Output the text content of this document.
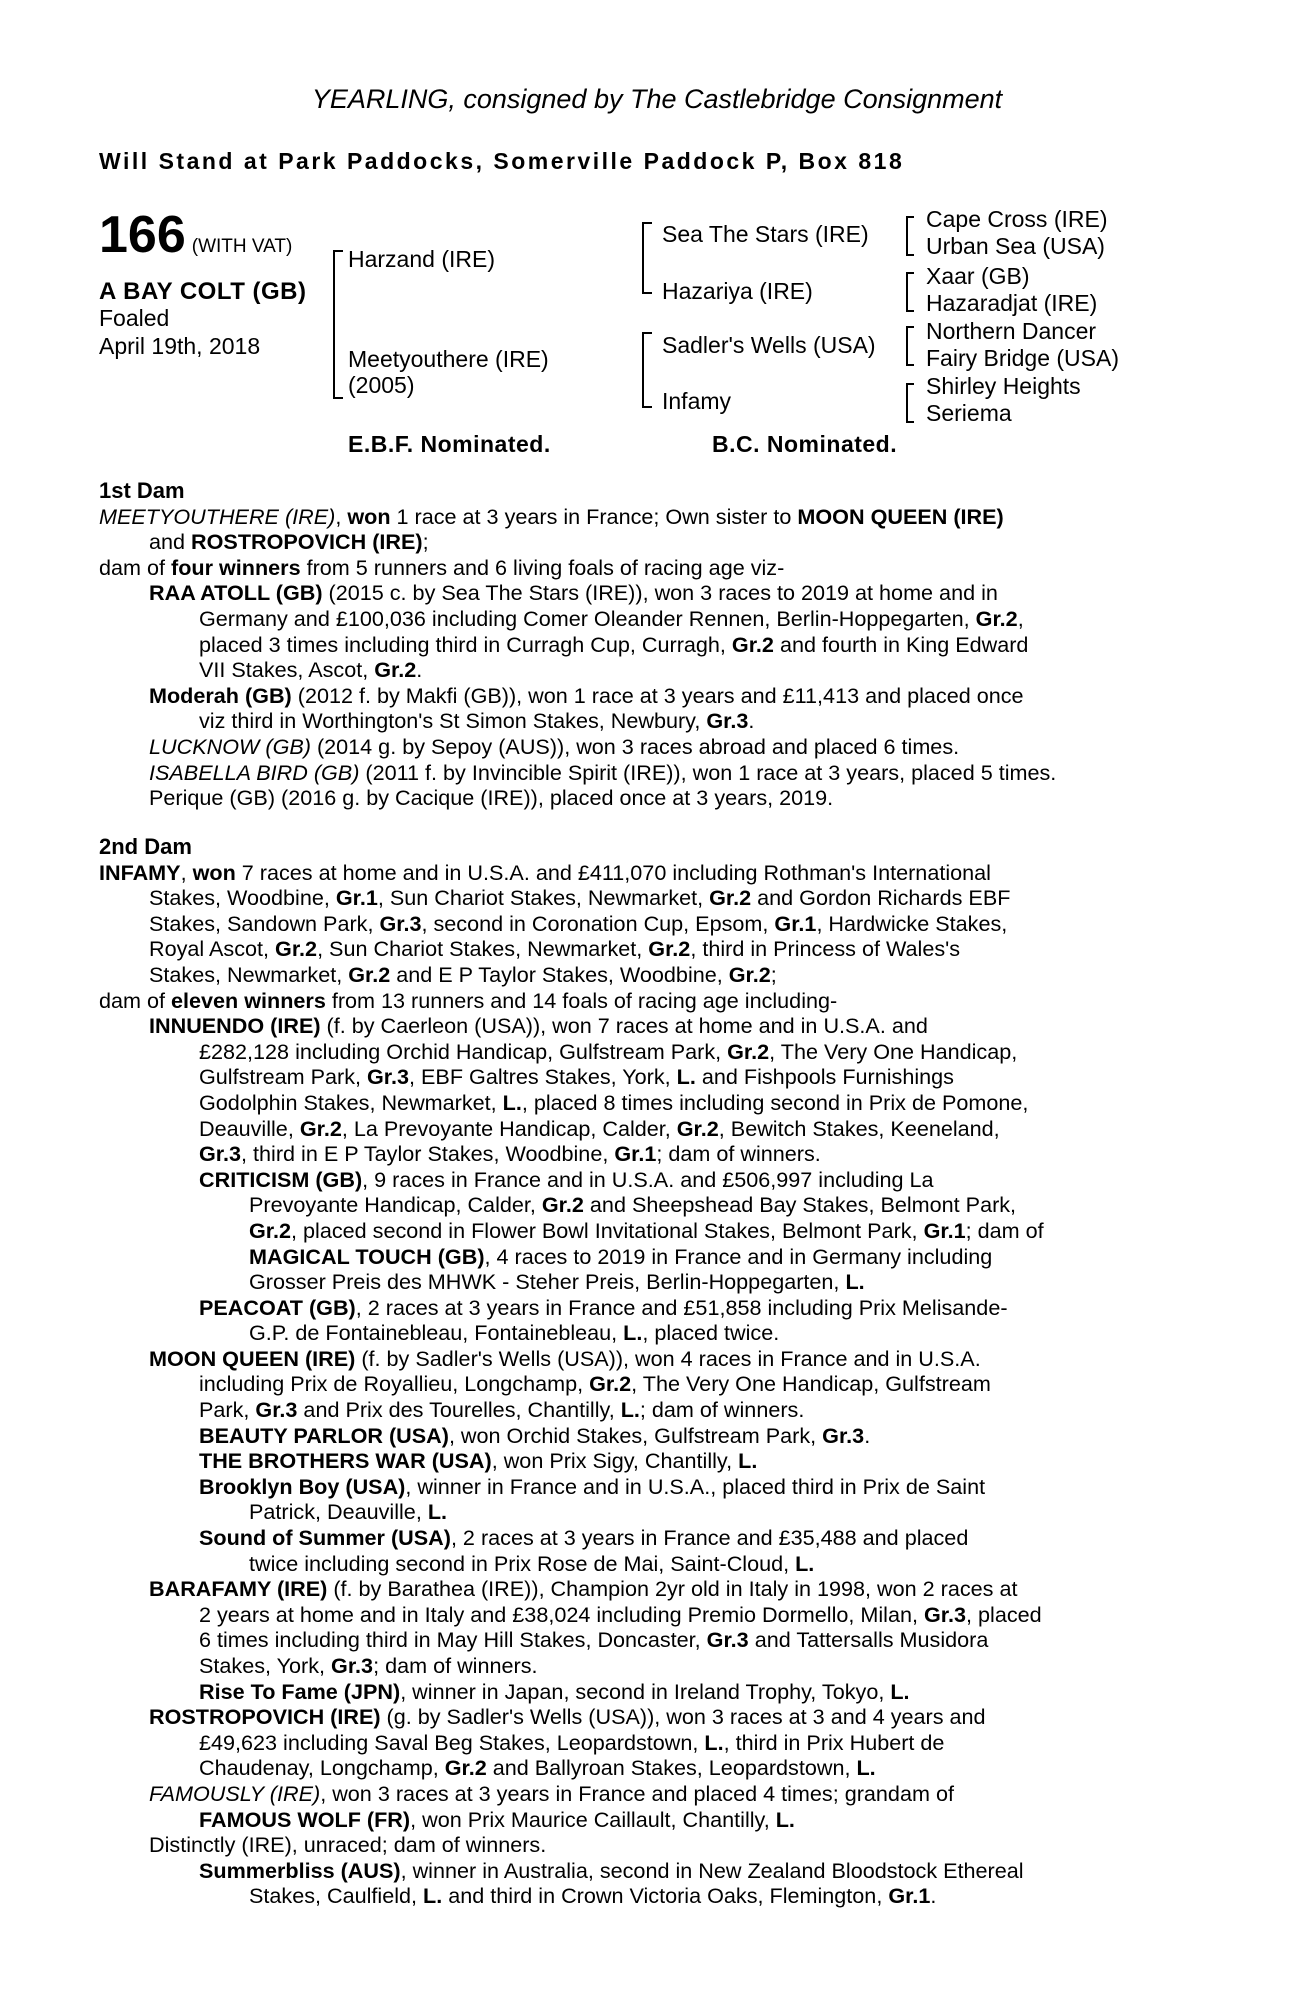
YEARLING, consigned by The Castlebridge Consignment
Will Stand at Park Paddocks, Somerville Paddock P, Box 818
166 (WITH VAT)
A BAY COLT (GB)
Foaled
April 19th, 2018
Harzand (IRE)
Meetyouthere (IRE)
(2005)
Sea The Stars (IRE)
Hazariya (IRE)
Sadler's Wells (USA)
Infamy
Cape Cross (IRE)
Urban Sea (USA)
Xaar (GB)
Hazaradjat (IRE)
Northern Dancer
Fairy Bridge (USA)
Shirley Heights
Seriema
E.B.F. Nominated.	B.C. Nominated.
1st Dam
MEETYOUTHERE (IRE), won 1 race at 3 years in France; Own sister to MOON QUEEN (IRE)
and ROSTROPOVICH (IRE);
dam of four winners from 5 runners and 6 living foals of racing age viz-
RAA ATOLL (GB) (2015 c. by Sea The Stars (IRE)), won 3 races to 2019 at home and in
Germany and £100,036 including Comer Oleander Rennen, Berlin-Hoppegarten, Gr.2,
placed 3 times including third in Curragh Cup, Curragh, Gr.2 and fourth in King Edward
VII Stakes, Ascot, Gr.2.
Moderah (GB) (2012 f. by Makfi (GB)), won 1 race at 3 years and £11,413 and placed once
viz third in Worthington's St Simon Stakes, Newbury, Gr.3.
LUCKNOW (GB) (2014 g. by Sepoy (AUS)), won 3 races abroad and placed 6 times.
ISABELLA BIRD (GB) (2011 f. by Invincible Spirit (IRE)), won 1 race at 3 years, placed 5 times.
Perique (GB) (2016 g. by Cacique (IRE)), placed once at 3 years, 2019.
2nd Dam
INFAMY, won 7 races at home and in U.S.A. and £411,070 including Rothman's International
Stakes, Woodbine, Gr.1, Sun Chariot Stakes, Newmarket, Gr.2 and Gordon Richards EBF
Stakes, Sandown Park, Gr.3, second in Coronation Cup, Epsom, Gr.1, Hardwicke Stakes,
Royal Ascot, Gr.2, Sun Chariot Stakes, Newmarket, Gr.2, third in Princess of Wales's
Stakes, Newmarket, Gr.2 and E P Taylor Stakes, Woodbine, Gr.2;
dam of eleven winners from 13 runners and 14 foals of racing age including-
INNUENDO (IRE) (f. by Caerleon (USA)), won 7 races at home and in U.S.A. and
£282,128 including Orchid Handicap, Gulfstream Park, Gr.2, The Very One Handicap,
Gulfstream Park, Gr.3, EBF Galtres Stakes, York, L. and Fishpools Furnishings
Godolphin Stakes, Newmarket, L., placed 8 times including second in Prix de Pomone,
Deauville, Gr.2, La Prevoyante Handicap, Calder, Gr.2, Bewitch Stakes, Keeneland,
Gr.3, third in E P Taylor Stakes, Woodbine, Gr.1; dam of winners.
CRITICISM (GB), 9 races in France and in U.S.A. and £506,997 including La
Prevoyante Handicap, Calder, Gr.2 and Sheepshead Bay Stakes, Belmont Park,
Gr.2, placed second in Flower Bowl Invitational Stakes, Belmont Park, Gr.1; dam of
MAGICAL TOUCH (GB), 4 races to 2019 in France and in Germany including
Grosser Preis des MHWK - Steher Preis, Berlin-Hoppegarten, L.
PEACOAT (GB), 2 races at 3 years in France and £51,858 including Prix Melisande-
G.P. de Fontainebleau, Fontainebleau, L., placed twice.
MOON QUEEN (IRE) (f. by Sadler's Wells (USA)), won 4 races in France and in U.S.A.
including Prix de Royallieu, Longchamp, Gr.2, The Very One Handicap, Gulfstream
Park, Gr.3 and Prix des Tourelles, Chantilly, L.; dam of winners.
BEAUTY PARLOR (USA), won Orchid Stakes, Gulfstream Park, Gr.3.
THE BROTHERS WAR (USA), won Prix Sigy, Chantilly, L.
Brooklyn Boy (USA), winner in France and in U.S.A., placed third in Prix de Saint
Patrick, Deauville, L.
Sound of Summer (USA), 2 races at 3 years in France and £35,488 and placed
twice including second in Prix Rose de Mai, Saint-Cloud, L.
BARAFAMY (IRE) (f. by Barathea (IRE)), Champion 2yr old in Italy in 1998, won 2 races at
2 years at home and in Italy and £38,024 including Premio Dormello, Milan, Gr.3, placed
6 times including third in May Hill Stakes, Doncaster, Gr.3 and Tattersalls Musidora
Stakes, York, Gr.3; dam of winners.
Rise To Fame (JPN), winner in Japan, second in Ireland Trophy, Tokyo, L.
ROSTROPOVICH (IRE) (g. by Sadler's Wells (USA)), won 3 races at 3 and 4 years and
£49,623 including Saval Beg Stakes, Leopardstown, L., third in Prix Hubert de
Chaudenay, Longchamp, Gr.2 and Ballyroan Stakes, Leopardstown, L.
FAMOUSLY (IRE), won 3 races at 3 years in France and placed 4 times; grandam of
FAMOUS WOLF (FR), won Prix Maurice Caillault, Chantilly, L.
Distinctly (IRE), unraced; dam of winners.
Summerbliss (AUS), winner in Australia, second in New Zealand Bloodstock Ethereal
Stakes, Caulfield, L. and third in Crown Victoria Oaks, Flemington, Gr.1.
